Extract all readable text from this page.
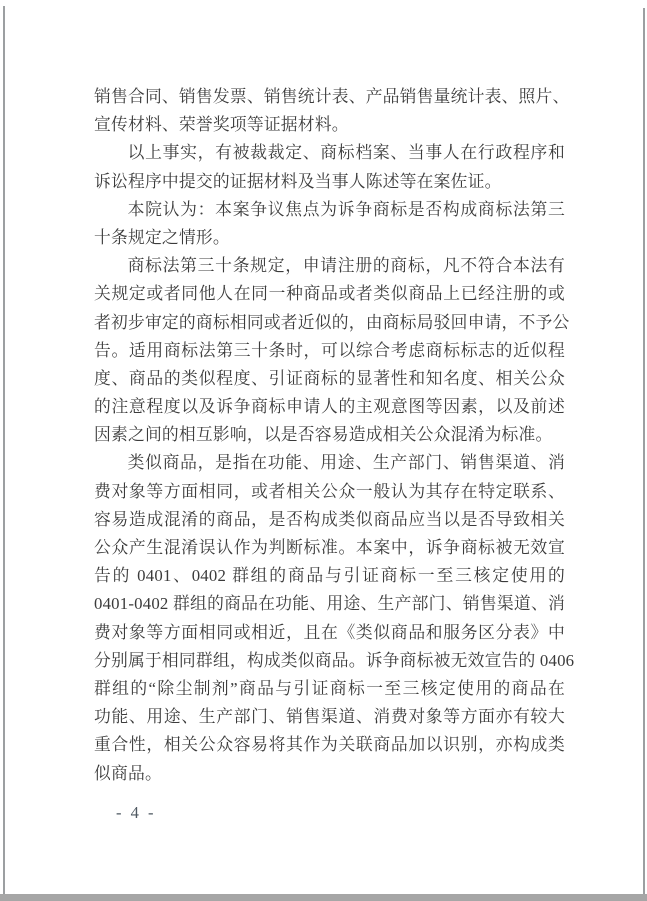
销售合同、销售发票、销售统计表、产品销售量统计表、照片、
宣传材料、荣誉奖项等证据材料。
以上事实，有被裁裁定、商标档案、当事人在行政程序和
诉讼程序中提交的证据材料及当事人陈述等在案佐证。
本院认为：本案争议焦点为诉争商标是否构成商标法第三
十条规定之情形。
商标法第三十条规定，申请注册的商标，凡不符合本法有
关规定或者同他人在同一种商品或者类似商品上已经注册的或
者初步审定的商标相同或者近似的，由商标局驳回申请，不予公
告。适用商标法第三十条时，可以综合考虑商标标志的近似程
度、商品的类似程度、引证商标的显著性和知名度、相关公众
的注意程度以及诉争商标申请人的主观意图等因素，以及前述
因素之间的相互影响，以是否容易造成相关公众混淆为标准。
类似商品，是指在功能、用途、生产部门、销售渠道、消
费对象等方面相同，或者相关公众一般认为其存在特定联系、
容易造成混淆的商品，是否构成类似商品应当以是否导致相关
公众产生混淆误认作为判断标准。本案中，诉争商标被无效宣
告的 0401、0402 群组的商品与引证商标一至三核定使用的
0401-0402 群组的商品在功能、用途、生产部门、销售渠道、消
费对象等方面相同或相近，且在《类似商品和服务区分表》中
分别属于相同群组，构成类似商品。诉争商标被无效宣告的 0406
群组的“除尘制剂”商品与引证商标一至三核定使用的商品在
功能、用途、生产部门、销售渠道、消费对象等方面亦有较大
重合性，相关公众容易将其作为关联商品加以识别，亦构成类
似商品。
- 4 -
